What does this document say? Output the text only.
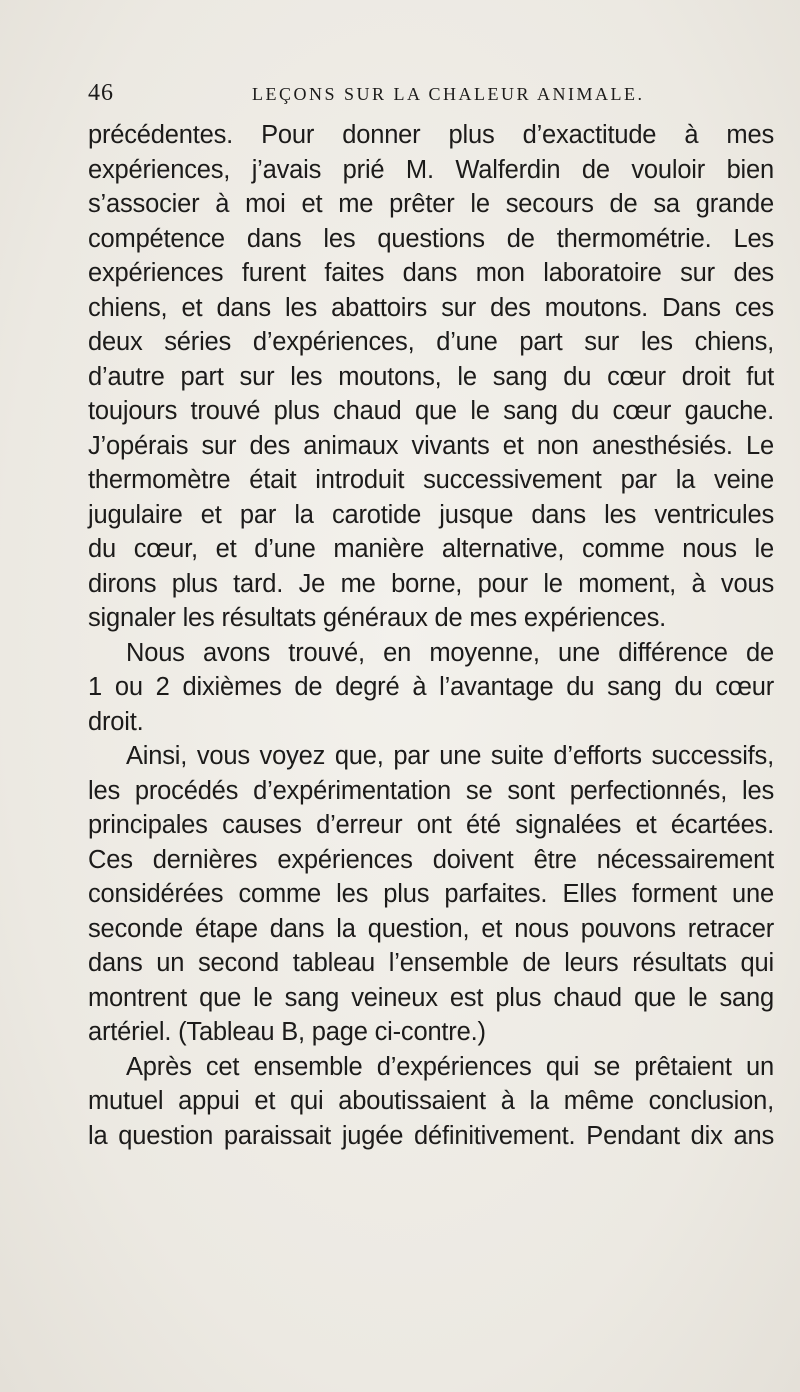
46	LEÇONS SUR LA CHALEUR ANIMALE.
précédentes. Pour donner plus d’exactitude à mes
expériences, j’avais prié M. Walferdin de vouloir bien
s’associer à moi et me prêter le secours de sa grande
compétence dans les questions de thermométrie. Les
expériences furent faites dans mon laboratoire sur des
chiens, et dans les abattoirs sur des moutons. Dans ces
deux séries d’expériences, d’une part sur les chiens,
d’autre part sur les moutons, le sang du cœur droit fut
toujours trouvé plus chaud que le sang du cœur gauche.
J’opérais sur des animaux vivants et non anesthésiés. Le
thermomètre était introduit successivement par la veine
jugulaire et par la carotide jusque dans les ventricules
du cœur, et d’une manière alternative, comme nous le
dirons plus tard. Je me borne, pour le moment, à vous
signaler les résultats généraux de mes expériences.
Nous avons trouvé, en moyenne, une différence de
1 ou 2 dixièmes de degré à l’avantage du sang du cœur
droit.
Ainsi, vous voyez que, par une suite d’efforts successifs,
les procédés d’expérimentation se sont perfectionnés, les
principales causes d’erreur ont été signalées et écartées.
Ces dernières expériences doivent être nécessairement
considérées comme les plus parfaites. Elles forment une
seconde étape dans la question, et nous pouvons retracer
dans un second tableau l’ensemble de leurs résultats qui
montrent que le sang veineux est plus chaud que le sang
artériel. (Tableau B, page ci-contre.)
Après cet ensemble d’expériences qui se prêtaient un
mutuel appui et qui aboutissaient à la même conclusion,
la question paraissait jugée définitivement. Pendant dix ans
